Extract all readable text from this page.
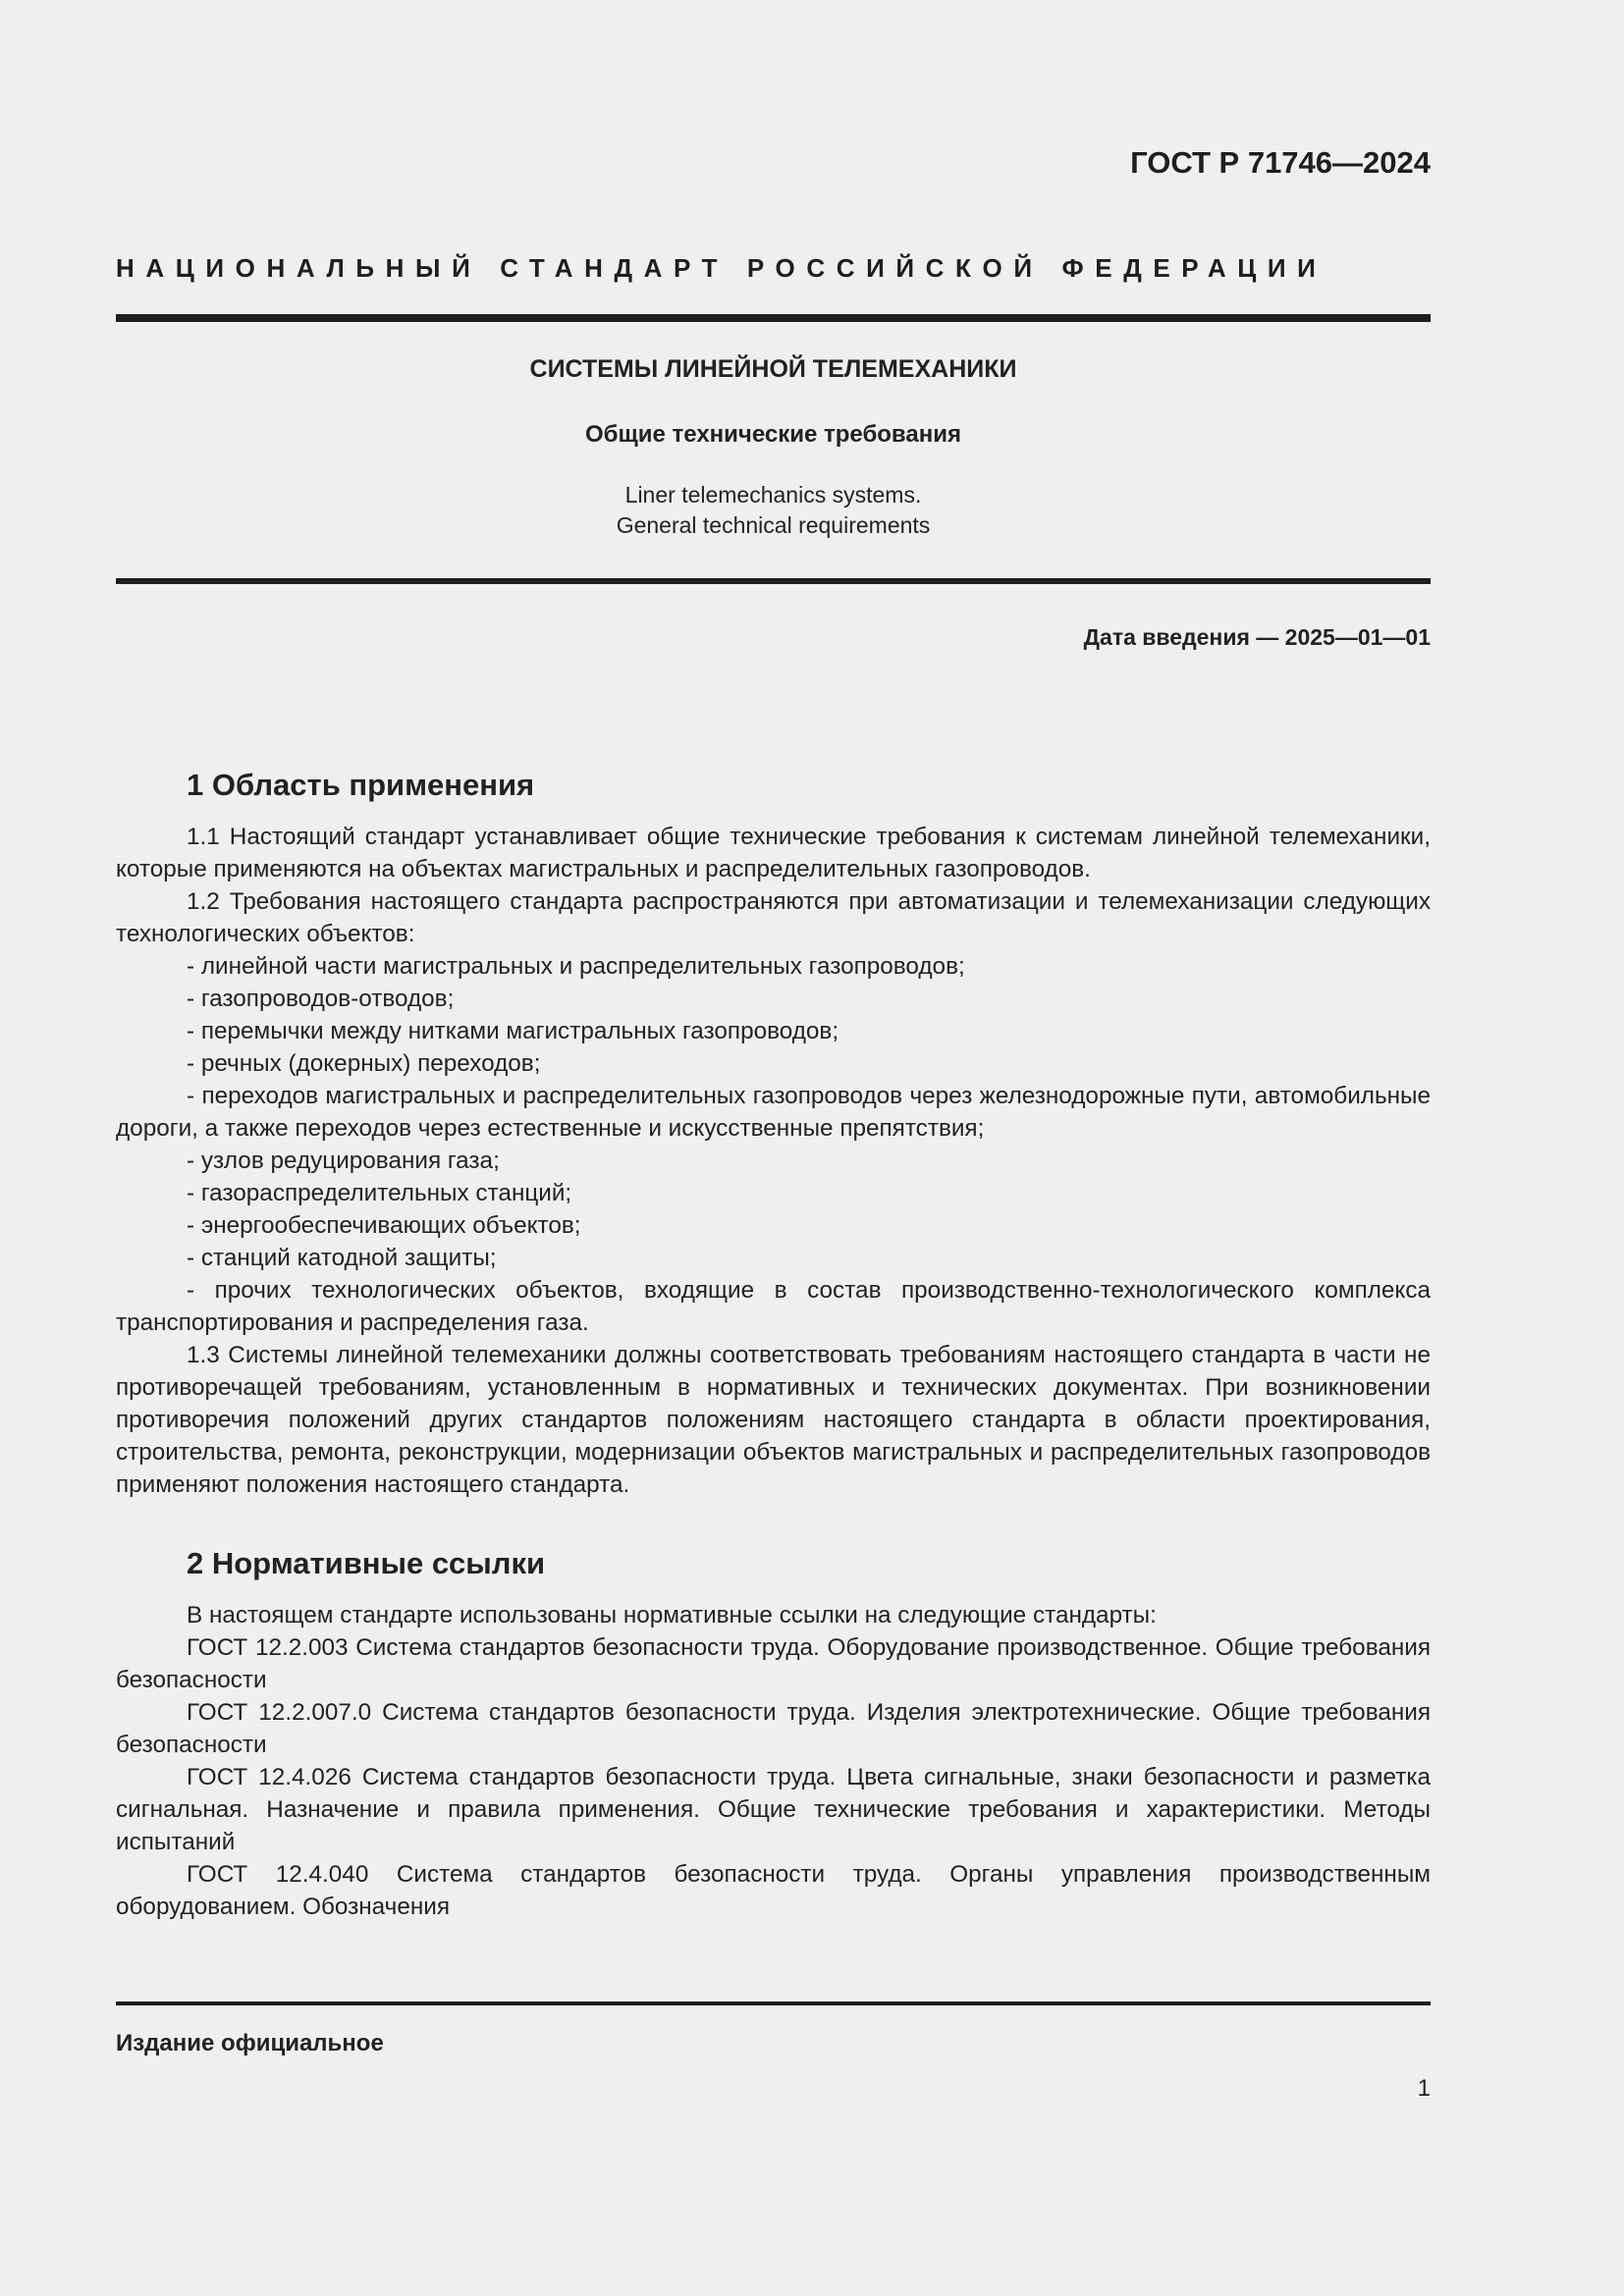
ГОСТ Р 71746—2024
НАЦИОНАЛЬНЫЙ СТАНДАРТ РОССИЙСКОЙ ФЕДЕРАЦИИ
СИСТЕМЫ ЛИНЕЙНОЙ ТЕЛЕМЕХАНИКИ
Общие технические требования
Liner telemechanics systems.
General technical requirements
Дата введения — 2025—01—01
1 Область применения

1.1 Настоящий стандарт устанавливает общие технические требования к системам линейной телемеханики, которые применяются на объектах магистральных и распределительных газопроводов.

1.2 Требования настоящего стандарта распространяются при автоматизации и телемеханизации следующих технологических объектов:

- линейной части магистральных и распределительных газопроводов;
- газопроводов-отводов;
- перемычки между нитками магистральных газопроводов;
- речных (докерных) переходов;

- переходов магистральных и распределительных газопроводов через железнодорожные пути, автомобильные дороги, а также переходов через естественные и искусственные препятствия;

- узлов редуцирования газа;
- газораспределительных станций;
- энергообеспечивающих объектов;
- станций катодной защиты;

- прочих технологических объектов, входящие в состав производственно-технологического комплекса транспортирования и распределения газа.

1.3 Системы линейной телемеханики должны соответствовать требованиям настоящего стандарта в части не противоречащей требованиям, установленным в нормативных и технических документах. При возникновении противоречия положений других стандартов положениям настоящего стандарта в области проектирования, строительства, ремонта, реконструкции, модернизации объектов магистральных и распределительных газопроводов применяют положения настоящего стандарта.

2 Нормативные ссылки

В настоящем стандарте использованы нормативные ссылки на следующие стандарты:

ГОСТ 12.2.003 Система стандартов безопасности труда. Оборудование производственное. Общие требования безопасности

ГОСТ 12.2.007.0 Система стандартов безопасности труда. Изделия электротехнические. Общие требования безопасности

ГОСТ 12.4.026 Система стандартов безопасности труда. Цвета сигнальные, знаки безопасности и разметка сигнальная. Назначение и правила применения. Общие технические требования и характеристики. Методы испытаний

ГОСТ 12.4.040 Система стандартов безопасности труда. Органы управления производственным оборудованием. Обозначения

Издание официальное
1
